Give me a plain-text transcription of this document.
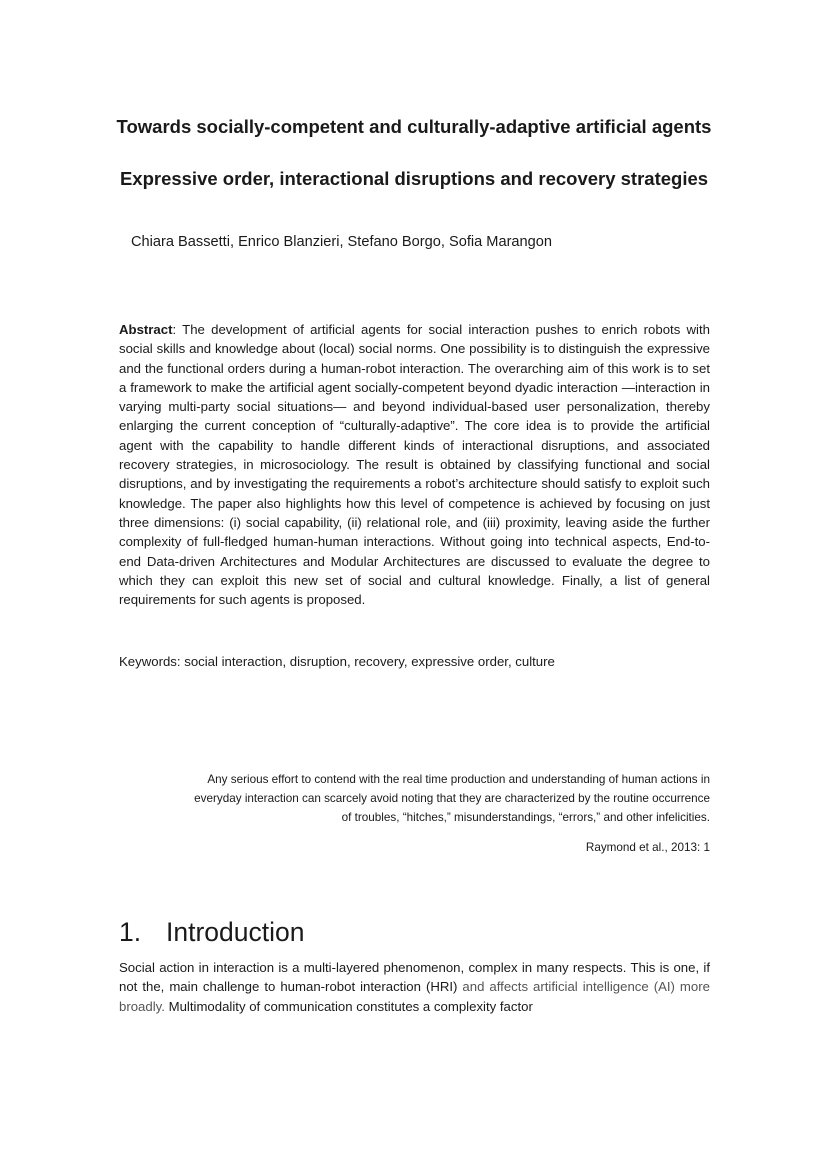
Towards socially-competent and culturally-adaptive artificial agents
Expressive order, interactional disruptions and recovery strategies

Chiara Bassetti, Enrico Blanzieri, Stefano Borgo, Sofia Marangon

Abstract: The development of artificial agents for social interaction pushes to enrich robots with social skills and knowledge about (local) social norms. One possibility is to distinguish the expressive and the functional orders during a human-robot interaction. The overarching aim of this work is to set a framework to make the artificial agent socially-competent beyond dyadic interaction —interaction in varying multi-party social situations— and beyond individual-based user personalization, thereby enlarging the current conception of “culturally-adaptive”. The core idea is to provide the artificial agent with the capability to handle different kinds of interactional disruptions, and associated recovery strategies, in microsociology. The result is obtained by classifying functional and social disruptions, and by investigating the requirements a robot’s architecture should satisfy to exploit such knowledge. The paper also highlights how this level of competence is achieved by focusing on just three dimensions: (i) social capability, (ii) relational role, and (iii) proximity, leaving aside the further complexity of full-fledged human-human interactions. Without going into technical aspects, End-to-end Data-driven Architectures and Modular Architectures are discussed to evaluate the degree to which they can exploit this new set of social and cultural knowledge. Finally, a list of general requirements for such agents is proposed.

Keywords: social interaction, disruption, recovery, expressive order, culture

Any serious effort to contend with the real time production and understanding of human actions in
everyday interaction can scarcely avoid noting that they are characterized by the routine occurrence
of troubles, “hitches,” misunderstandings, “errors,” and other infelicities.

Raymond et al., 2013: 1

1. Introduction

Social action in interaction is a multi-layered phenomenon, complex in many respects. This is one, if not the, main challenge to human-robot interaction (HRI) and affects artificial intelligence (AI) more broadly. Multimodality of communication constitutes a complexity factor
